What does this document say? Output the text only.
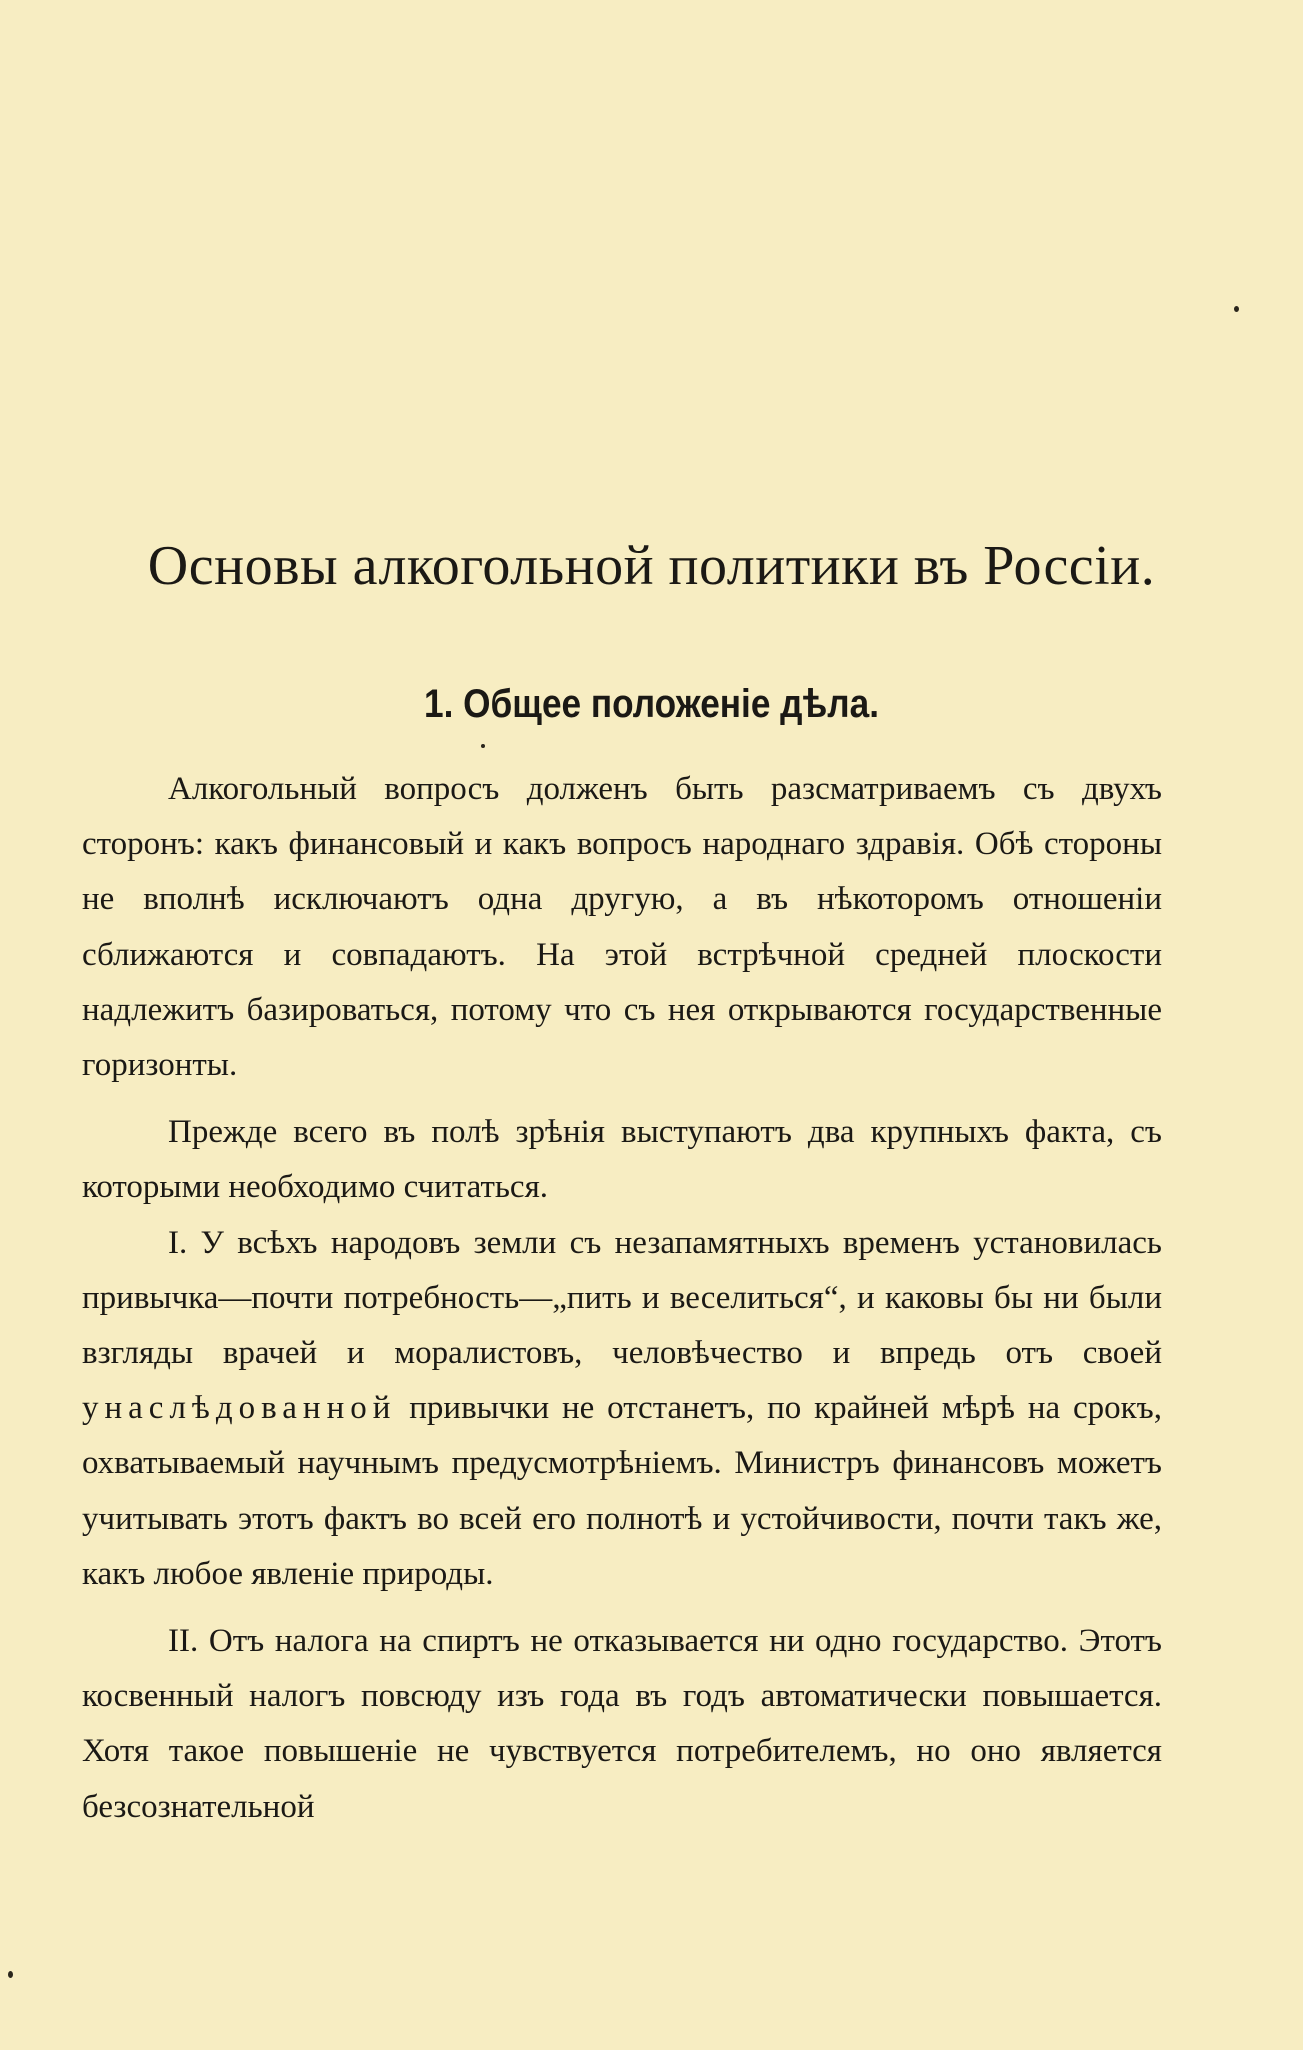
Основы алкогольной политики въ Россіи.
1. Общее положеніе дѣла.

Алкогольный вопросъ долженъ быть разсматриваемъ съ двухъ сторонъ: какъ финансовый и какъ вопросъ народнаго здравія. Обѣ стороны не вполнѣ исключаютъ одна другую, а въ нѣкоторомъ отношеніи сближаются и совпадаютъ. На этой встрѣчной средней плоскости надлежитъ базироваться, потому что съ нея открываются государственные горизонты.

Прежде всего въ полѣ зрѣнія выступаютъ два крупныхъ факта, съ которыми необходимо считаться.

I. У всѣхъ народовъ земли съ незапамятныхъ временъ установилась привычка—почти потребность—„пить и веселиться“, и каковы бы ни были взгляды врачей и моралистовъ, человѣчество и впредь отъ своей унаслѣдованной привычки не отстанетъ, по крайней мѣрѣ на срокъ, охватываемый научнымъ предусмотрѣніемъ. Министръ финансовъ можетъ учитывать этотъ фактъ во всей его полнотѣ и устойчивости, почти такъ же, какъ любое явленіе природы.

II. Отъ налога на спиртъ не отказывается ни одно государство. Этотъ косвенный налогъ повсюду изъ года въ годъ автоматически повышается. Хотя такое повышеніе не чувствуется потребителемъ, но оно является безсознательной
